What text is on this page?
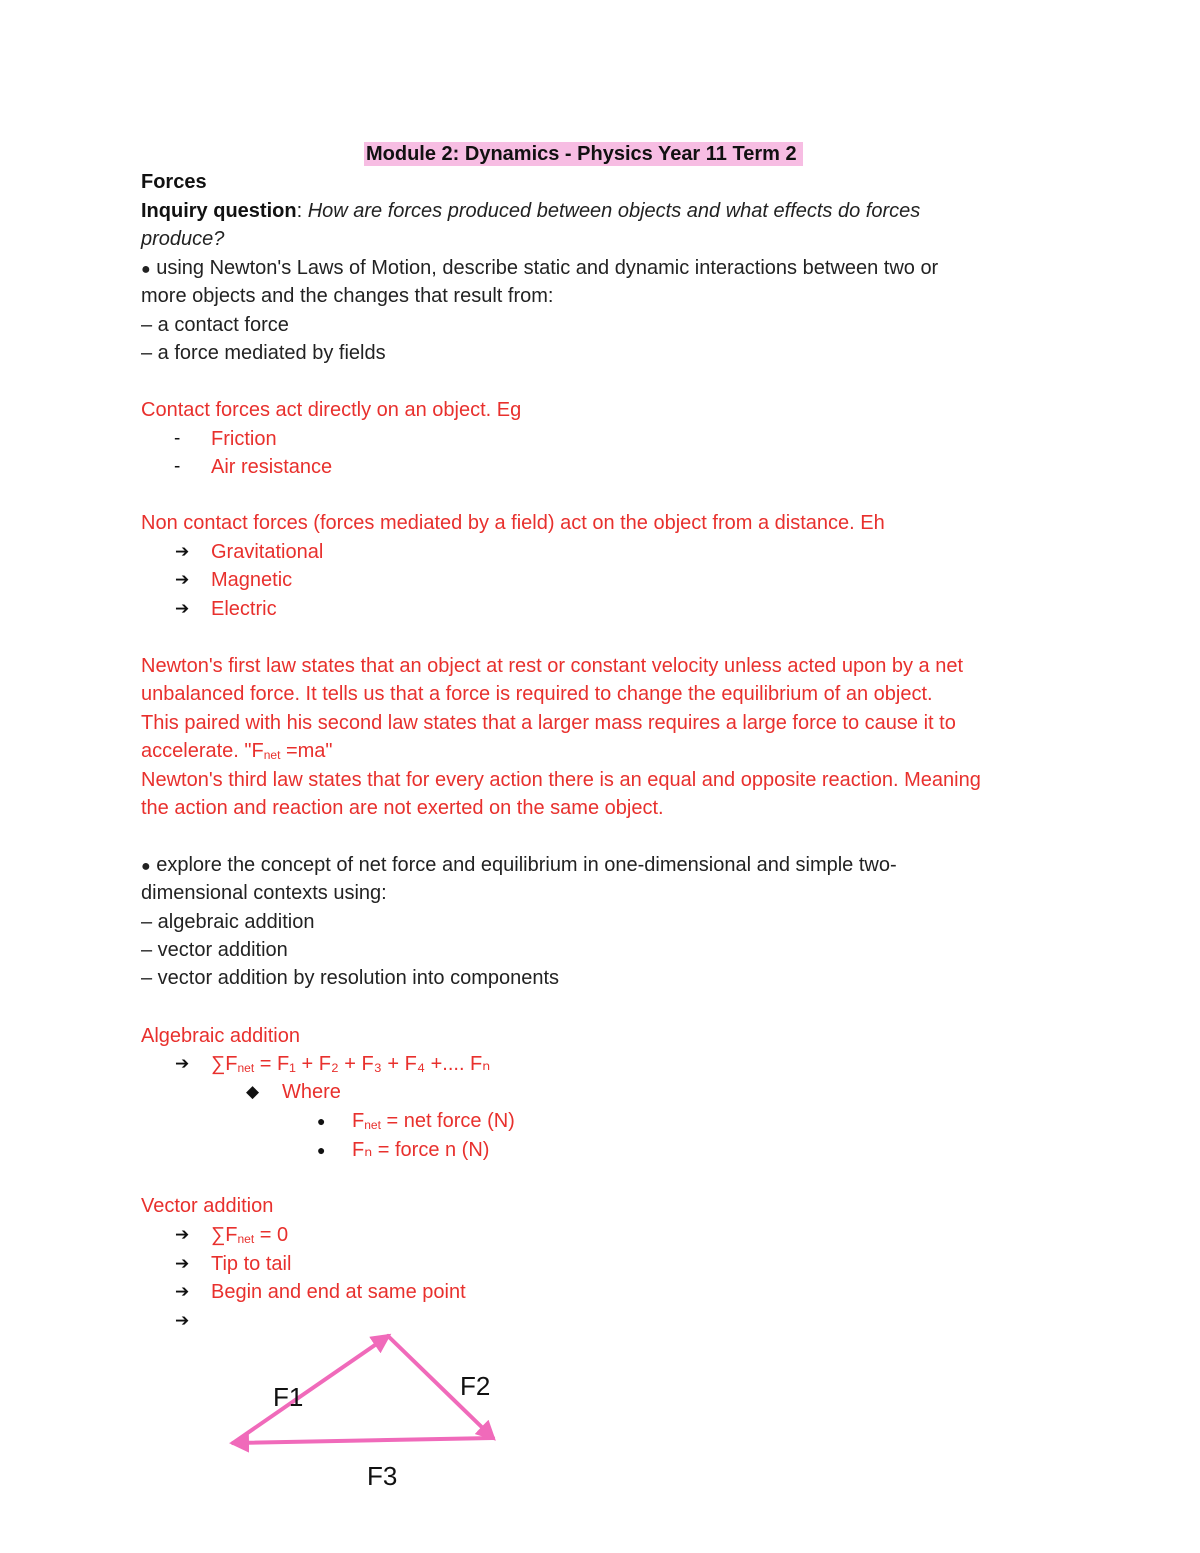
Module 2: Dynamics - Physics Year 11 Term 2
Forces
Inquiry question: How are forces produced between objects and what effects do forces
produce?
● using Newton's Laws of Motion, describe static and dynamic interactions between two or
more objects and the changes that result from:
– a contact force
– a force mediated by fields
Contact forces act directly on an object. Eg
- Friction
- Air resistance
Non contact forces (forces mediated by a field) act on the object from a distance. Eh
➔ Gravitational
➔ Magnetic
➔ Electric
Newton's first law states that an object at rest or constant velocity unless acted upon by a net
unbalanced force. It tells us that a force is required to change the equilibrium of an object.
This paired with his second law states that a larger mass requires a large force to cause it to
accelerate. "Fnet =ma"
Newton's third law states that for every action there is an equal and opposite reaction. Meaning
the action and reaction are not exerted on the same object.
● explore the concept of net force and equilibrium in one-dimensional and simple two-
dimensional contexts using:
– algebraic addition
– vector addition
– vector addition by resolution into components
Algebraic addition
➔ ∑Fnet = F₁ + F₂ + F₃ + F₄ +.... Fₙ
◆ Where
● Fnet = net force (N)
● Fₙ = force n (N)
Vector addition
➔ ∑Fnet = 0
➔ Tip to tail
➔ Begin and end at same point
➔
F1	F2
F3
